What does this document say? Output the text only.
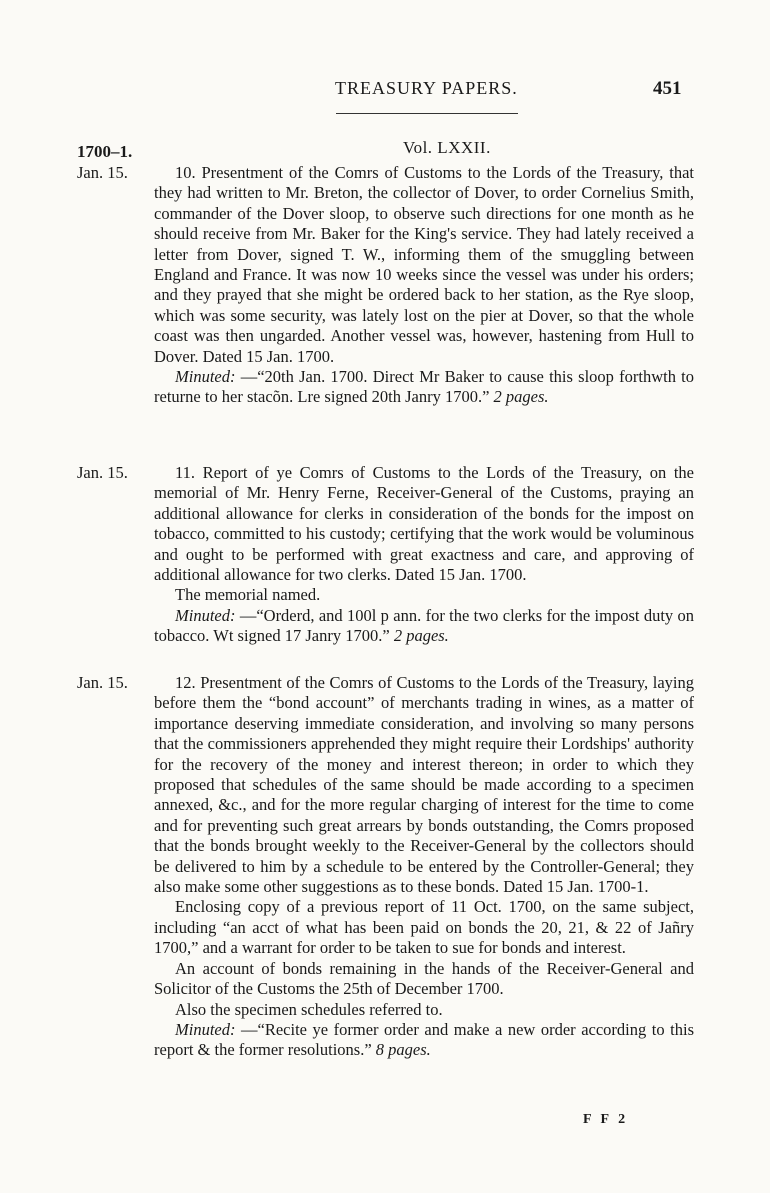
TREASURY PAPERS.	451
Vol. LXXII.
1700–1.
Jan. 15.	10. Presentment of the Comrs of Customs to the Lords of the Treasury, that they had written to Mr. Breton, the collector of Dover, to order Cornelius Smith, commander of the Dover sloop, to observe such directions for one month as he should receive from Mr. Baker for the King's service. They had lately received a letter from Dover, signed T. W., informing them of the smuggling between England and France. It was now 10 weeks since the vessel was under his orders; and they prayed that she might be ordered back to her station, as the Rye sloop, which was some security, was lately lost on the pier at Dover, so that the whole coast was then ungarded. Another vessel was, however, hastening from Hull to Dover. Dated 15 Jan. 1700.

Minuted: —“20th Jan. 1700. Direct Mr Baker to cause this sloop forthwth to returne to her stacõn. Lre signed 20th Janry 1700.” 2 pages.

Jan. 15.	11. Report of ye Comrs of Customs to the Lords of the Treasury, on the memorial of Mr. Henry Ferne, Receiver-General of the Customs, praying an additional allowance for clerks in consideration of the bonds for the impost on tobacco, committed to his custody; certifying that the work would be voluminous and ought to be performed with great exactness and care, and approving of additional allowance for two clerks. Dated 15 Jan. 1700.

The memorial named.

Minuted: —“Orderd, and 100l p ann. for the two clerks for the impost duty on tobacco. Wt signed 17 Janry 1700.” 2 pages.

Jan. 15.	12. Presentment of the Comrs of Customs to the Lords of the Treasury, laying before them the “bond account” of merchants trading in wines, as a matter of importance deserving immediate consideration, and involving so many persons that the commissioners apprehended they might require their Lordships' authority for the recovery of the money and interest thereon; in order to which they proposed that schedules of the same should be made according to a specimen annexed, &c., and for the more regular charging of interest for the time to come and for preventing such great arrears by bonds outstanding, the Comrs proposed that the bonds brought weekly to the Receiver-General by the collectors should be delivered to him by a schedule to be entered by the Controller-General; they also make some other suggestions as to these bonds. Dated 15 Jan. 1700-1.

Enclosing copy of a previous report of 11 Oct. 1700, on the same subject, including “an acct of what has been paid on bonds the 20, 21, & 22 of Jañry 1700,” and a warrant for order to be taken to sue for bonds and interest.

An account of bonds remaining in the hands of the Receiver-General and Solicitor of the Customs the 25th of December 1700.

Also the specimen schedules referred to.

Minuted: —“Recite ye former order and make a new order according to this report & the former resolutions.” 8 pages.

F F 2
